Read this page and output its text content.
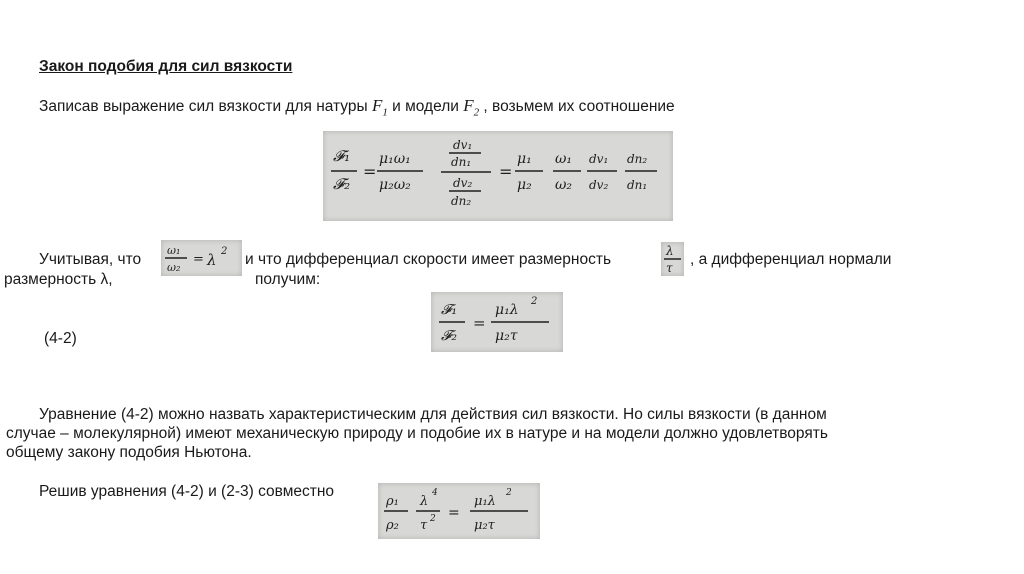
Закон подобия для сил вязкости
Записав выражение сил вязкости для натуры $F_1$ и модели $F_2$ , возьмем их соотношение
𝓕₁
𝓕₂
=
μ₁ω₁
μ₂ω₂
dv₁
dn₁
dv₂
dn₂
=
μ₁
μ₂
ω₁
ω₂
dv₁
dv₂
dn₂
dn₁
Учитывая, что
ω₁
ω₂
= λ 2 и что дифференциал скорости имеет размерность	λ
τ , а дифференциал нормали
размерность λ,	получим:
𝓕₁
𝓕₂
=
μ₁λ
2
μ₂τ
(4-2)
Уравнение (4-2) можно назвать характеристическим для действия сил вязкости. Но силы вязкости (в данном
случае – молекулярной) имеют механическую природу и подобие их в натуре и на модели должно удовлетворять
общему закону подобия Ньютона.
Решив уравнения (4-2) и (2-3) совместно
ρ₁
ρ₂
λ
4
τ 2 =
μ₁λ
2
μ₂τ
